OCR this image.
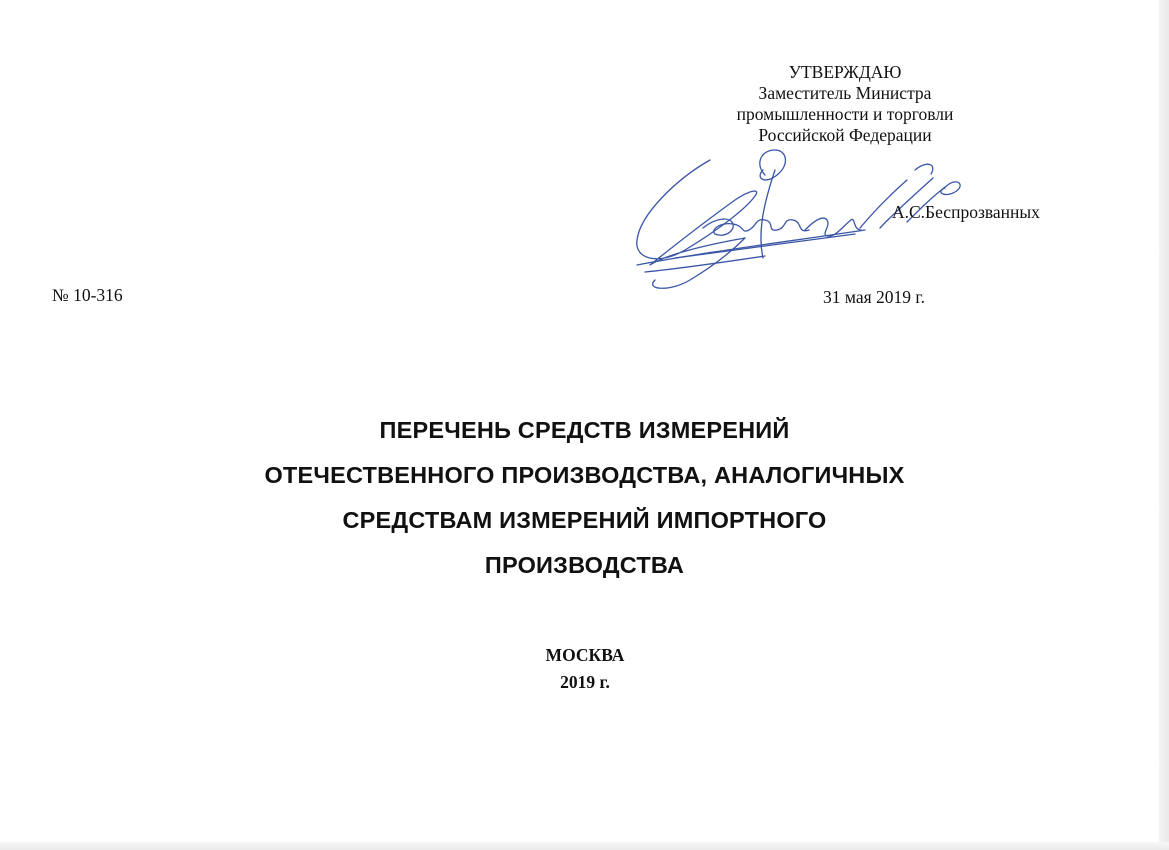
УТВЕРЖДАЮ
Заместитель Министра
промышленности и торговли
Российской Федерации
А.С.Беспрозванных
№ 10-316	31 мая 2019 г.
ПЕРЕЧЕНЬ СРЕДСТВ ИЗМЕРЕНИЙ
ОТЕЧЕСТВЕННОГО ПРОИЗВОДСТВА, АНАЛОГИЧНЫХ
СРЕДСТВАМ ИЗМЕРЕНИЙ ИМПОРТНОГО
ПРОИЗВОДСТВА
МОСКВА
2019 г.
